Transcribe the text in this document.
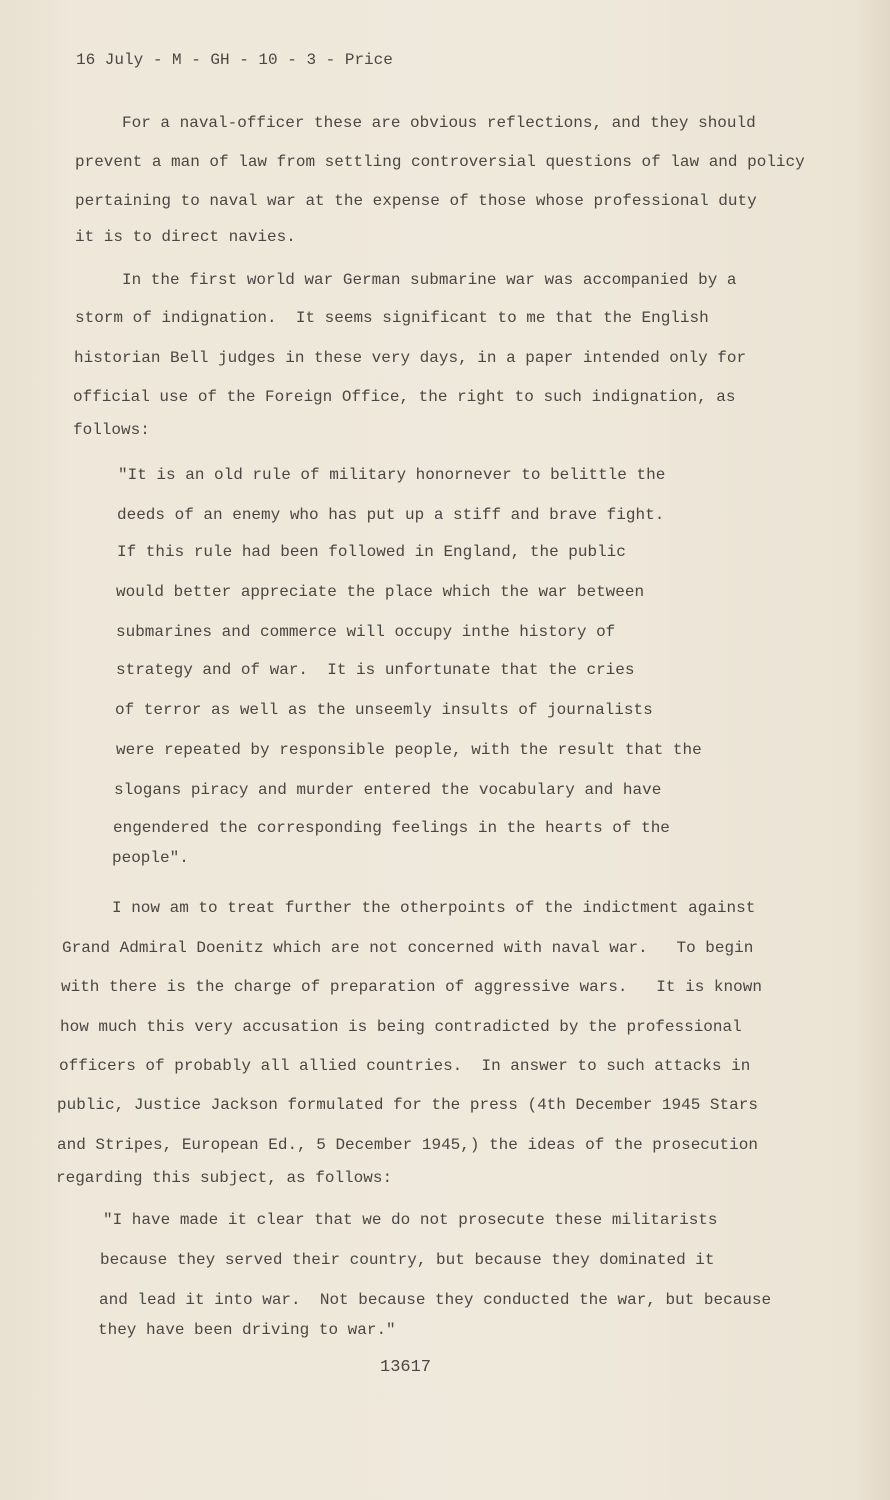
16 July - M - GH - 10 - 3 - Price
For a naval-officer these are obvious reflections, and they should
prevent a man of law from settling controversial questions of law and policy
pertaining to naval war at the expense of those whose professional duty
it is to direct navies.
In the first world war German submarine war was accompanied by a
storm of indignation.  It seems significant to me that the English
historian Bell judges in these very days, in a paper intended only for
official use of the Foreign Office, the right to such indignation, as
follows:
"It is an old rule of military honornever to belittle the
deeds of an enemy who has put up a stiff and brave fight.
If this rule had been followed in England, the public
would better appreciate the place which the war between
submarines and commerce will occupy inthe history of
strategy and of war.  It is unfortunate that the cries
of terror as well as the unseemly insults of journalists
were repeated by responsible people, with the result that the
slogans piracy and murder entered the vocabulary and have
engendered the corresponding feelings in the hearts of the
people".
I now am to treat further the otherpoints of the indictment against
Grand Admiral Doenitz which are not concerned with naval war.   To begin
with there is the charge of preparation of aggressive wars.   It is known
how much this very accusation is being contradicted by the professional
officers of probably all allied countries.  In answer to such attacks in
public, Justice Jackson formulated for the press (4th December 1945 Stars
and Stripes, European Ed., 5 December 1945,) the ideas of the prosecution
regarding this subject, as follows:
"I have made it clear that we do not prosecute these militarists
because they served their country, but because they dominated it
and lead it into war.  Not because they conducted the war, but because
they have been driving to war."
13617
